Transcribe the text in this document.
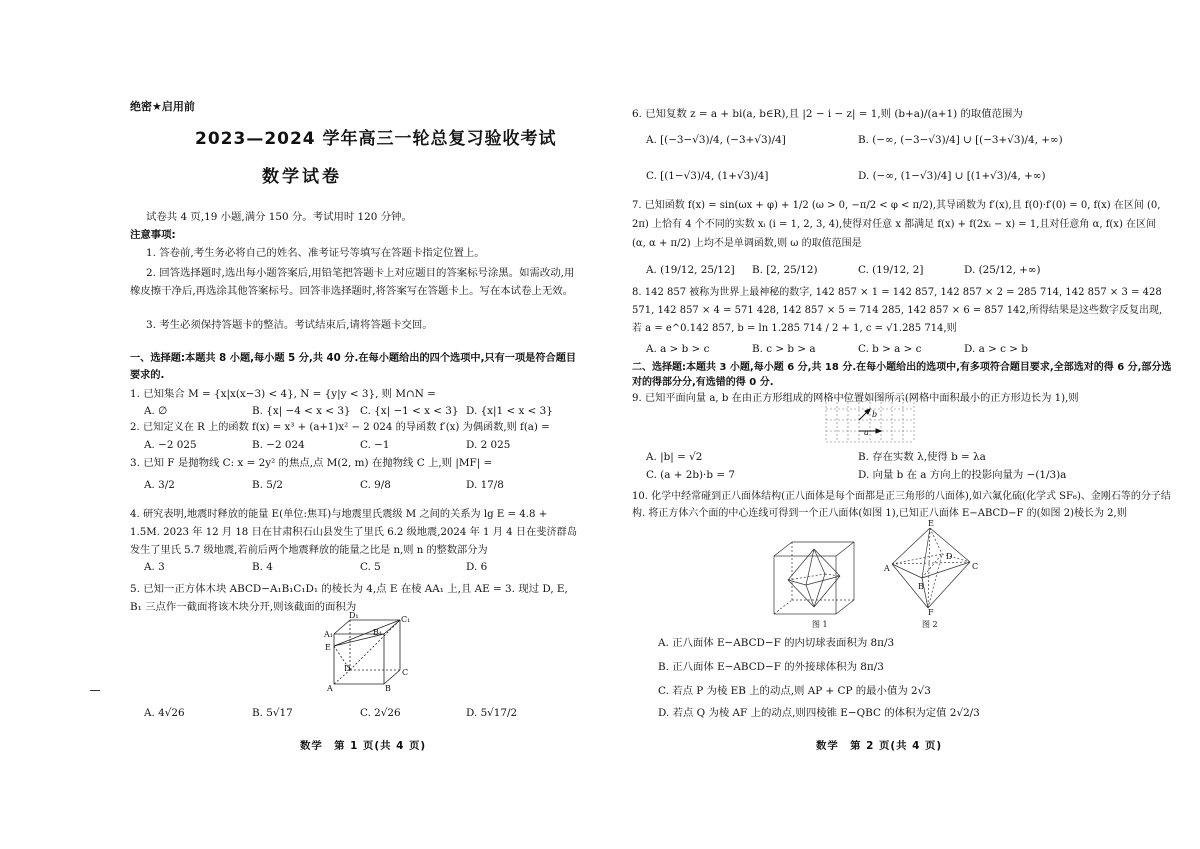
绝密★启用前
2023—2024 学年高三一轮总复习验收考试
数学试卷
试卷共 4 页,19 小题,满分 150 分。考试用时 120 分钟。
注意事项:
1. 答卷前,考生务必将自己的姓名、准考证号等填写在答题卡指定位置上。
2. 回答选择题时,选出每小题答案后,用铅笔把答题卡上对应题目的答案标号涂黑。如需改动,用橡皮擦干净后,再选涂其他答案标号。回答非选择题时,将答案写在答题卡上。写在本试卷上无效。
3. 考生必须保持答题卡的整洁。考试结束后,请将答题卡交回。
一、选择题:本题共 8 小题,每小题 5 分,共 40 分.在每小题给出的四个选项中,只有一项是符合题目要求的.
1. 已知集合 M = {x|x(x−3) < 4}, N = {y|y < 3}, 则 M∩N =
A. ∅	B. {x| −4 < x < 3} C. {x| −1 < x < 3} D. {x|1 < x < 3}
2. 已知定义在 R 上的函数 f(x) = x³ + (a+1)x² − 2 024 的导函数 f′(x) 为偶函数,则 f(a) =
A. −2 025	B. −2 024	C. −1	D. 2 025
3. 已知 F 是抛物线 C: x = 2y² 的焦点,点 M(2, m) 在抛物线 C 上,则 |MF| =
A. 3/2	B. 5/2	C. 9/8	D. 17/8
4. 研究表明,地震时释放的能量 E(单位:焦耳)与地震里氏震级 M 之间的关系为 lg E = 4.8 + 1.5M. 2023 年 12 月 18 日在甘肃积石山县发生了里氏 6.2 级地震,2024 年 1 月 4 日在斐济群岛发生了里氏 5.7 级地震,若前后两个地震释放的能量之比是 n,则 n 的整数部分为
A. 3	B. 4	C. 5	D. 6
5. 已知一正方体木块 ABCD−A₁B₁C₁D₁ 的棱长为 4,点 E 在棱 AA₁ 上,且 AE = 3. 现过 D, E, B₁ 三点作一截面将该木块分开,则该截面的面积为
D₁
A₁
C₁
B₁
E
D	C
A	B
A. 4√26	B. 5√17	C. 2√26	D. 5√17/2
数学　第 1 页(共 4 页)
6. 已知复数 z = a + bi(a, b∈R),且 |2 − i − z| = 1,则 (b+a)/(a+1) 的取值范围为
A. [(−3−√3)/4, (−3+√3)/4]	B. (−∞, (−3−√3)/4] ∪ [(−3+√3)/4, +∞)
C. [(1−√3)/4, (1+√3)/4]	D. (−∞, (1−√3)/4] ∪ [(1+√3)/4, +∞)
7. 已知函数 f(x) = sin(ωx + φ) + 1/2 (ω > 0, −π/2 < φ < π/2),其导函数为 f′(x),且 f(0)·f′(0) = 0, f(x) 在区间 (0, 2π) 上恰有 4 个不同的实数 xᵢ (i = 1, 2, 3, 4),使得对任意 x 都满足 f(x) + f(2xᵢ − x) = 1,且对任意角 α, f(x) 在区间 (α, α + π/2) 上均不是单调函数,则 ω 的取值范围是
A. (19/12, 25/12] B. [2, 25/12)	C. (19/12, 2]	D. (25/12, +∞)
8. 142 857 被称为世界上最神秘的数字, 142 857 × 1 = 142 857, 142 857 × 2 = 285 714, 142 857 × 3 = 428 571, 142 857 × 4 = 571 428, 142 857 × 5 = 714 285, 142 857 × 6 = 857 142,所得结果是这些数字反复出现,若 a = e^0.142 857, b = ln 1.285 714 / 2 + 1, c = √1.285 714,则
A. a > b > c	B. c > b > a	C. b > a > c	D. a > c > b
二、选择题:本题共 3 小题,每小题 6 分,共 18 分.在每小题给出的选项中,有多项符合题目要求,全部选对的得 6 分,部分选对的得部分分,有选错的得 0 分.
9. 已知平面向量 a, b 在由正方形组成的网格中位置如图所示(网格中面积最小的正方形边长为 1),则
a
b
A. |b| = √2	B. 存在实数 λ,使得 b = λa
C. (a + 2b)·b = 7	D. 向量 b 在 a 方向上的投影向量为 −(1/3)a
10. 化学中经常碰到正八面体结构(正八面体是每个面都是正三角形的八面体),如六氟化硫(化学式 SF₆)、金刚石等的分子结构. 将正方体六个面的中心连线可得到一个正八面体(如图 1),已知正八面体 E−ABCD−F 的(如图 2)棱长为 2,则
图 1
E
A
B
C
D
F
图 2
A. 正八面体 E−ABCD−F 的内切球表面积为 8π/3
B. 正八面体 E−ABCD−F 的外接球体积为 8π/3
C. 若点 P 为棱 EB 上的动点,则 AP + CP 的最小值为 2√3
D. 若点 Q 为棱 AF 上的动点,则四棱锥 E−QBC 的体积为定值 2√2/3
数学　第 2 页(共 4 页)
